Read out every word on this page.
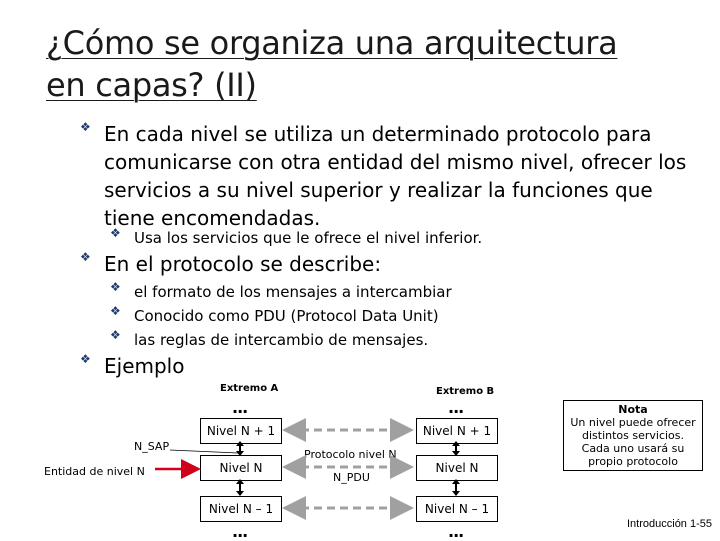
¿Cómo se organiza una arquitectura
en capas? (II)
❖ En cada nivel se utiliza un determinado protocolo para comunicarse con otra entidad del mismo nivel, ofrecer los servicios a su nivel superior y realizar la funciones que tiene encomendadas.
❖ Usa los servicios que le ofrece el nivel inferior.
❖ En el protocolo se describe:
❖ el formato de los mensajes a intercambiar
❖ Conocido como PDU (Protocol Data Unit)
❖ las reglas de intercambio de mensajes.
❖ Ejemplo
Extremo A	Extremo B
...	...
Nivel N + 1
Nivel N
Nivel N – 1
Nivel N + 1
Nivel N
Nivel N – 1
...	...
N_SAP
Entidad de nivel N
Protocolo nivel N
N_PDU
Nota
Un nivel puede ofrecer distintos servicios. Cada uno usará su propio protocolo
Introducción 1-55
